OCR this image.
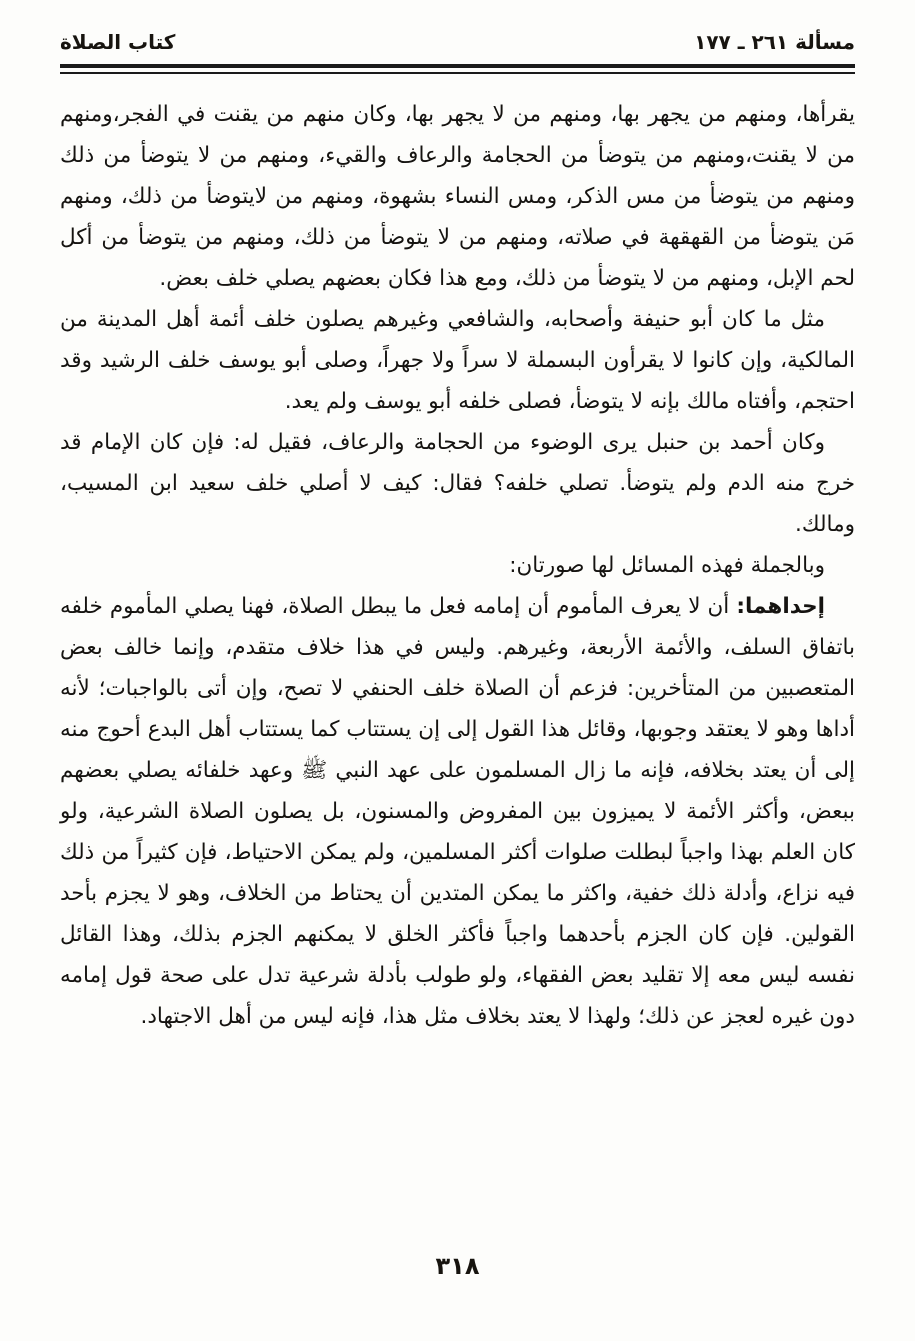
مسألة ٢٦١ ـ ١٧٧
كتاب الصلاة

يقرأها، ومنهم من يجهر بها، ومنهم من لا يجهر بها، وكان منهم من يقنت في الفجر،ومنهم من لا يقنت،ومنهم من يتوضأ من الحجامة والرعاف والقيء، ومنهم من لا يتوضأ من ذلك ومنهم من يتوضأ من مس الذكر، ومس النساء بشهوة، ومنهم من لايتوضأ من ذلك، ومنهم مَن يتوضأ من القهقهة في صلاته، ومنهم من لا يتوضأ من ذلك، ومنهم من يتوضأ من أكل لحم الإبل، ومنهم من لا يتوضأ من ذلك، ومع هذا فكان بعضهم يصلي خلف بعض.

مثل ما كان أبو حنيفة وأصحابه، والشافعي وغيرهم يصلون خلف أئمة أهل المدينة من المالكية، وإن كانوا لا يقرأون البسملة لا سراً ولا جهراً، وصلى أبو يوسف خلف الرشيد وقد احتجم، وأفتاه مالك بإنه لا يتوضأ، فصلى خلفه أبو يوسف ولم يعد.

وكان أحمد بن حنبل يرى الوضوء من الحجامة والرعاف، فقيل له: فإن كان الإمام قد خرج منه الدم ولم يتوضأ. تصلي خلفه؟ فقال: كيف لا أصلي خلف سعيد ابن المسيب، ومالك.

وبالجملة فهذه المسائل لها صورتان:

إحداهما: أن لا يعرف المأموم أن إمامه فعل ما يبطل الصلاة، فهنا يصلي المأموم خلفه باتفاق السلف، والأئمة الأربعة، وغيرهم. وليس في هذا خلاف متقدم، وإنما خالف بعض المتعصبين من المتأخرين: فزعم أن الصلاة خلف الحنفي لا تصح، وإن أتى بالواجبات؛ لأنه أداها وهو لا يعتقد وجوبها، وقائل هذا القول إلى إن يستتاب كما يستتاب أهل البدع أحوج منه إلى أن يعتد بخلافه، فإنه ما زال المسلمون على عهد النبي ﷺ وعهد خلفائه يصلي بعضهم ببعض، وأكثر الأئمة لا يميزون بين المفروض والمسنون، بل يصلون الصلاة الشرعية، ولو كان العلم بهذا واجباً لبطلت صلوات أكثر المسلمين، ولم يمكن الاحتياط، فإن كثيراً من ذلك فيه نزاع، وأدلة ذلك خفية، واكثر ما يمكن المتدين أن يحتاط من الخلاف، وهو لا يجزم بأحد القولين. فإن كان الجزم بأحدهما واجباً فأكثر الخلق لا يمكنهم الجزم بذلك، وهذا القائل نفسه ليس معه إلا تقليد بعض الفقهاء، ولو طولب بأدلة شرعية تدل على صحة قول إمامه دون غيره لعجز عن ذلك؛ ولهذا لا يعتد بخلاف مثل هذا، فإنه ليس من أهل الاجتهاد.

٣١٨
